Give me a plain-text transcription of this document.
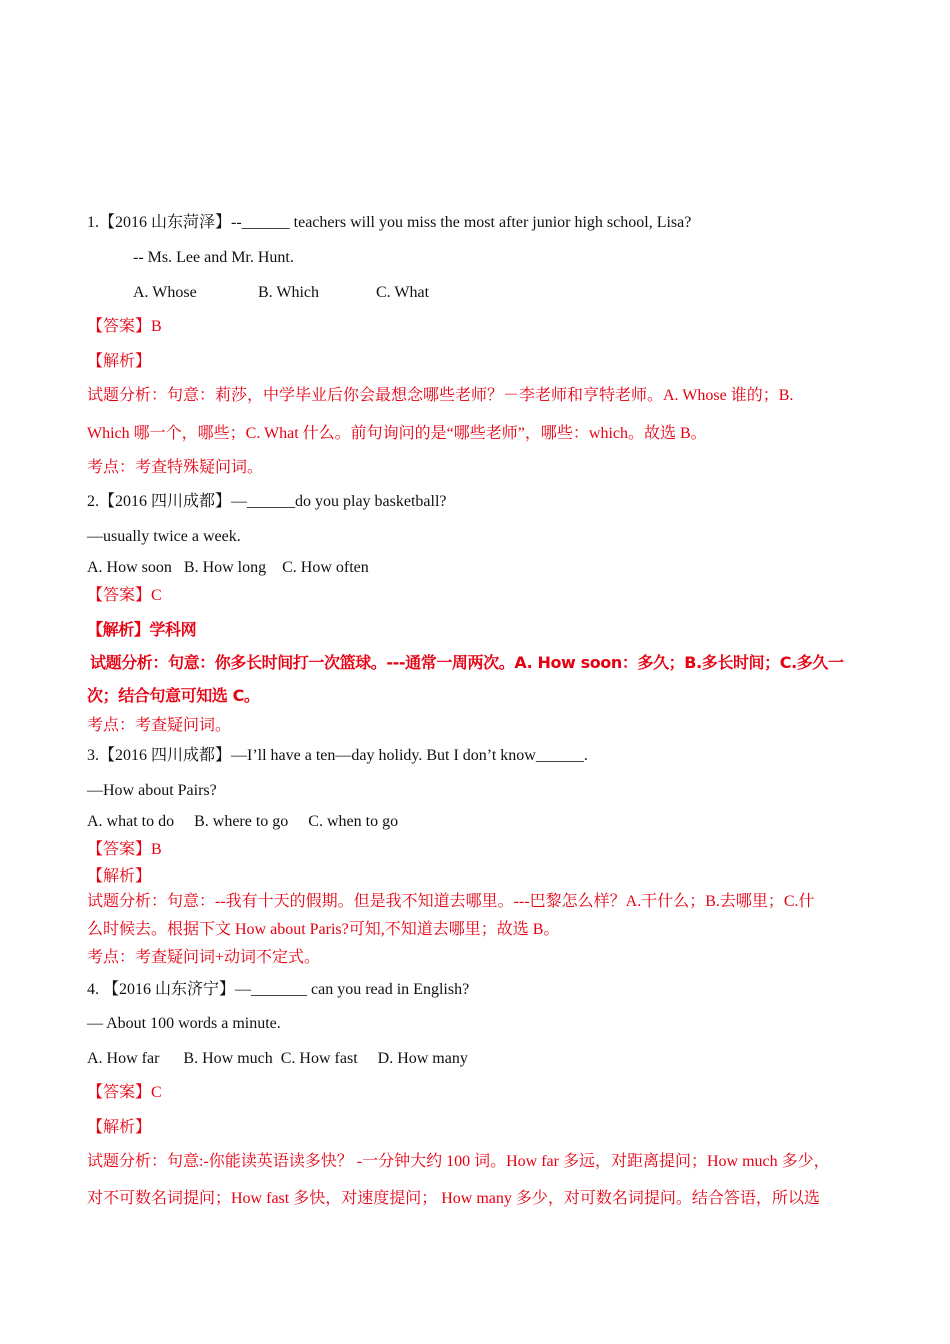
1.【2016 山东菏泽】--______ teachers will you miss the most after junior high school, Lisa?
-- Ms. Lee and Mr. Hunt.
A. Whose	B. Which	C. What
【答案】B
【解析】
试题分析：句意：莉莎，中学毕业后你会最想念哪些老师？－李老师和亨特老师。A. Whose 谁的；B.
Which 哪一个，哪些；C. What 什么。前句询问的是“哪些老师”，哪些：which。故选 B。
考点：考查特殊疑问词。
2.【2016 四川成都】—______do you play basketball?
—usually twice a week.
A. How soon   B. How long    C. How often
【答案】C
【解析】学科网
试题分析：句意：你多长时间打一次篮球。---通常一周两次。A. How soon：多久；B.多长时间；C.多久一
次；结合句意可知选 C。
考点：考查疑问词。
3.【2016 四川成都】—I’ll have a ten—day holidy. But I don’t know______.
—How about Pairs?
A. what to do     B. where to go     C. when to go
【答案】B
【解析】
试题分析：句意：--我有十天的假期。但是我不知道去哪里。---巴黎怎么样？A.干什么；B.去哪里；C.什
么时候去。根据下文 How about Paris?可知,不知道去哪里；故选 B。
考点：考查疑问词+动词不定式。
4. 【2016 山东济宁】—_______ can you read in English?
— About 100 words a minute.
A. How far      B. How much  C. How fast     D. How many
【答案】C
【解析】
试题分析：句意:-你能读英语读多快？ -一分钟大约 100 词。How far 多远，对距离提问；How much 多少，
对不可数名词提问；How fast 多快，对速度提问； How many 多少，对可数名词提问。结合答语，所以选
